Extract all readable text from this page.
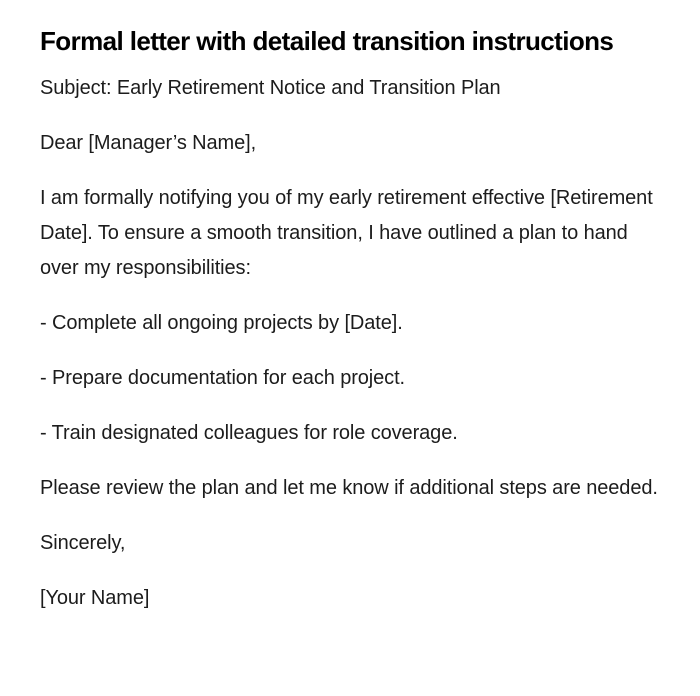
Formal letter with detailed transition instructions

Subject: Early Retirement Notice and Transition Plan

Dear [Manager’s Name],

I am formally notifying you of my early retirement effective [Retirement Date]. To ensure a smooth transition, I have outlined a plan to hand over my responsibilities:

- Complete all ongoing projects by [Date].

- Prepare documentation for each project.

- Train designated colleagues for role coverage.

Please review the plan and let me know if additional steps are needed.

Sincerely,

[Your Name]
